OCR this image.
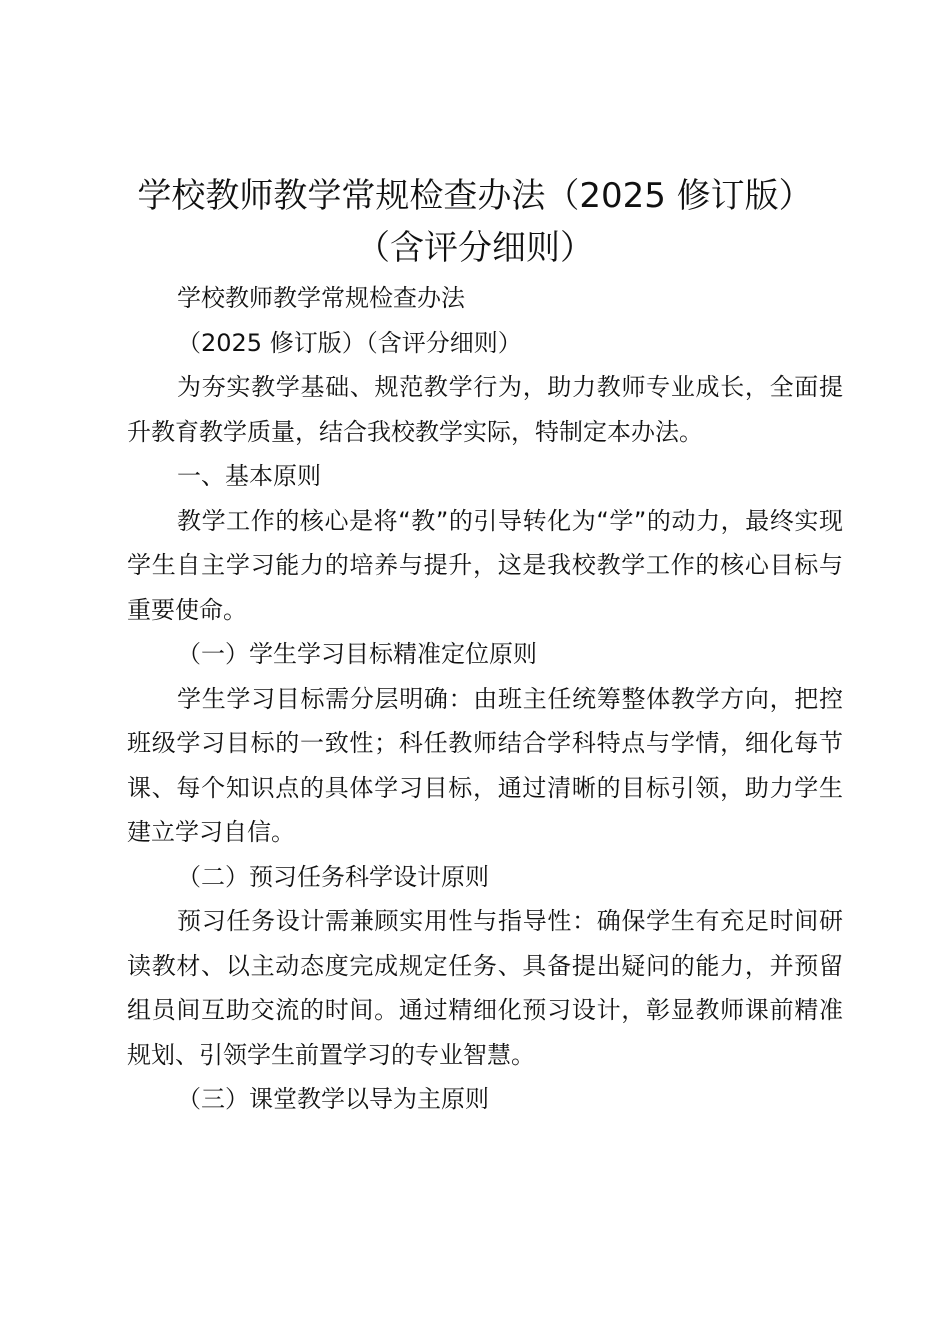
学校教师教学常规检查办法（2025 修订版）
（含评分细则）

学校教师教学常规检查办法

（2025 修订版）（含评分细则）

为夯实教学基础、规范教学行为，助力教师专业成长，全面提升教育教学质量，结合我校教学实际，特制定本办法。

一、基本原则

教学工作的核心是将“教”的引导转化为“学”的动力，最终实现学生自主学习能力的培养与提升，这是我校教学工作的核心目标与重要使命。

（一）学生学习目标精准定位原则

学生学习目标需分层明确：由班主任统筹整体教学方向，把控班级学习目标的一致性；科任教师结合学科特点与学情，细化每节课、每个知识点的具体学习目标，通过清晰的目标引领，助力学生建立学习自信。

（二）预习任务科学设计原则

预习任务设计需兼顾实用性与指导性：确保学生有充足时间研读教材、以主动态度完成规定任务、具备提出疑问的能力，并预留组员间互助交流的时间。通过精细化预习设计，彰显教师课前精准规划、引领学生前置学习的专业智慧。

（三）课堂教学以导为主原则
